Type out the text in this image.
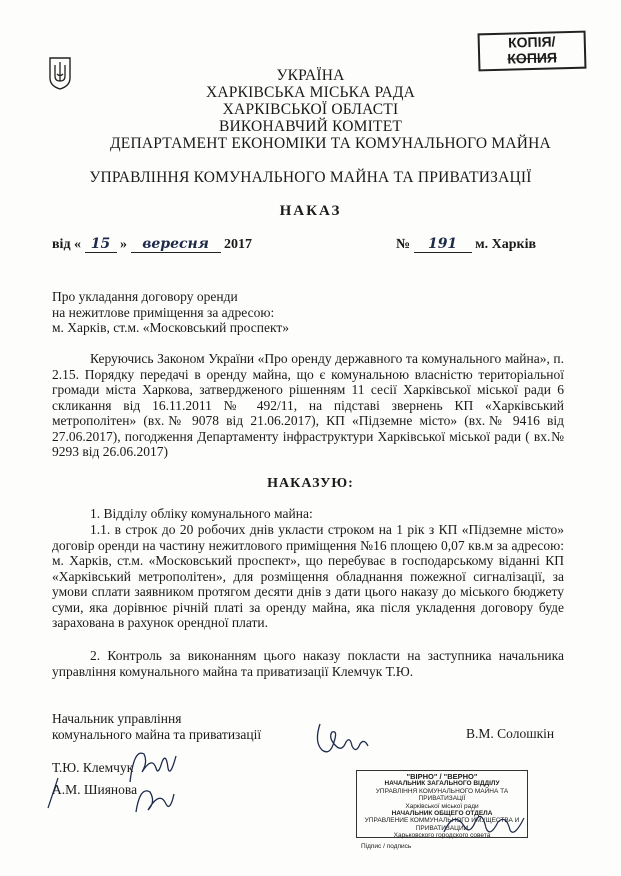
КОПІЯ/
КОПИЯ
УКРАЇНА
ХАРКІВСЬКА МІСЬКА РАДА
ХАРКІВСЬКОЇ ОБЛАСТІ
ВИКОНАВЧИЙ КОМІТЕТ
ДЕПАРТАМЕНТ ЕКОНОМІКИ ТА КОМУНАЛЬНОГО МАЙНА
УПРАВЛІННЯ КОМУНАЛЬНОГО МАЙНА ТА ПРИВАТИЗАЦІЇ
НАКАЗ
від « 15 » вересня 2017	№ 191 м. Харків
Про укладання договору оренди
на нежитлове приміщення за адресою:
м. Харків, ст.м. «Московський проспект»
Керуючись Законом України «Про оренду державного та комунального майна», п. 2.15. Порядку передачі в оренду майна, що є комунальною власністю територіальної громади міста Харкова, затвердженого рішенням 11 сесії Харківської міської ради 6 скликання від 16.11.2011 № 492/11, на підставі звернень КП «Харківський метрополітен» (вх.№ 9078 від 21.06.2017), КП «Підземне місто» (вх.№ 9416 від 27.06.2017), погодження Департаменту інфраструктури Харківської міської ради ( вх.№ 9293 від 26.06.2017)
НАКАЗУЮ:
1. Відділу обліку комунального майна:
1.1. в строк до 20 робочих днів укласти строком на 1 рік з КП «Підземне місто» договір оренди на частину нежитлового приміщення №16 площею 0,07 кв.м за адресою: м. Харків, ст.м. «Московський проспект», що перебуває в господарському віданні КП «Харківський метрополітен», для розміщення обладнання пожежної сигналізації, за умови сплати заявником протягом десяти днів з дати цього наказу до міського бюджету суми, яка дорівнює річній платі за оренду майна, яка після укладення договору буде зарахована в рахунок орендної плати.
2. Контроль за виконанням цього наказу покласти на заступника начальника управління комунального майна та приватизації Клемчук Т.Ю.
Начальник управління
комунального майна та приватизації	В.М. Солошкін
Т.Ю. Клемчук
А.М. Шиянова
"ВІРНО" / "ВЕРНО"
НАЧАЛЬНИК ЗАГАЛЬНОГО ВІДДІЛУ
УПРАВЛІННЯ КОМУНАЛЬНОГО МАЙНА ТА ПРИВАТИЗАЦІЇ
Харківської міської ради
НАЧАЛЬНИК ОБЩЕГО ОТДЕЛА
УПРАВЛЕНИЕ КОММУНАЛЬНОГО ИМУЩЕСТВА И ПРИВАТИЗАЦИИ
Харьковского городского совета
Підпис / подпись
